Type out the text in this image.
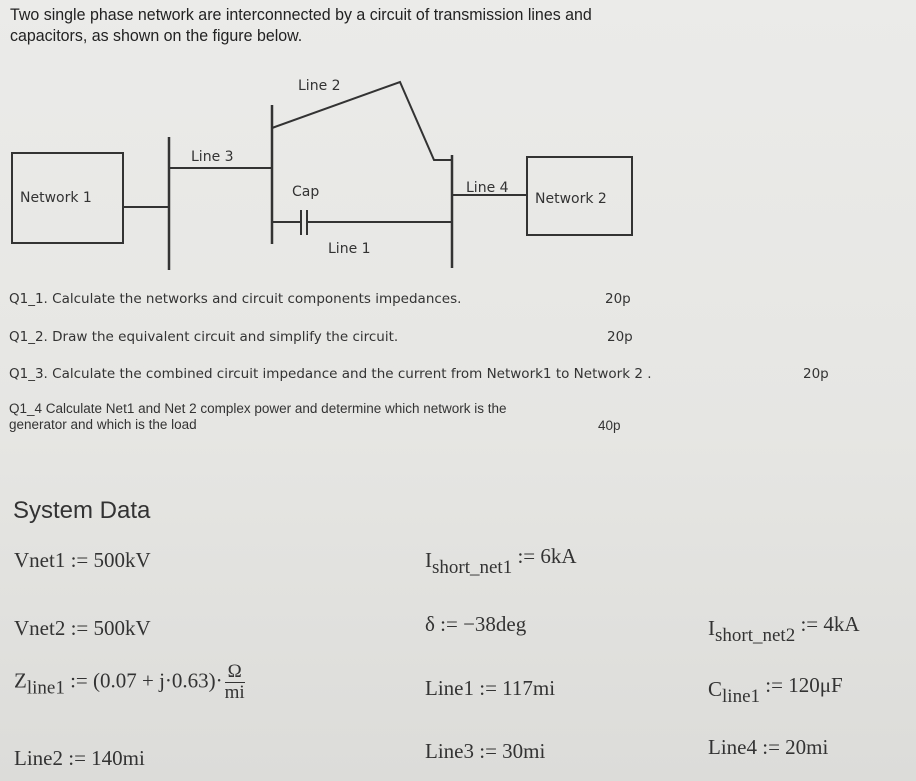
Two single phase network are interconnected by a circuit of transmission lines and
capacitors, as shown on the figure below.
Network 1	Network 2
Line 2
Line 3
Line 4
Cap
Line 1
Q1_1. Calculate the networks and circuit components impedances.	20p
Q1_2. Draw the equivalent circuit and simplify the circuit.	20p
Q1_3. Calculate the combined circuit impedance and the current from Network1 to Network 2 .	20p
Q1_4 Calculate Net1 and Net 2 complex power and determine which network is the
generator and which is the load	40p
System Data
Vnet1 := 500kV	$I_{short\_net1}$ := 6kA
Vnet2 := 500kV	δ := −38deg	$I_{short\_net2}$ := 4kA
$Z_{line1}$ := $(0.07 + j\cdot 0.63)\cdot \frac{\Omega}{mi}$	Line1 := 117mi	$C_{line1}$ := 120μF
Line2 := 140mi	Line3 := 30mi	Line4 := 20mi
